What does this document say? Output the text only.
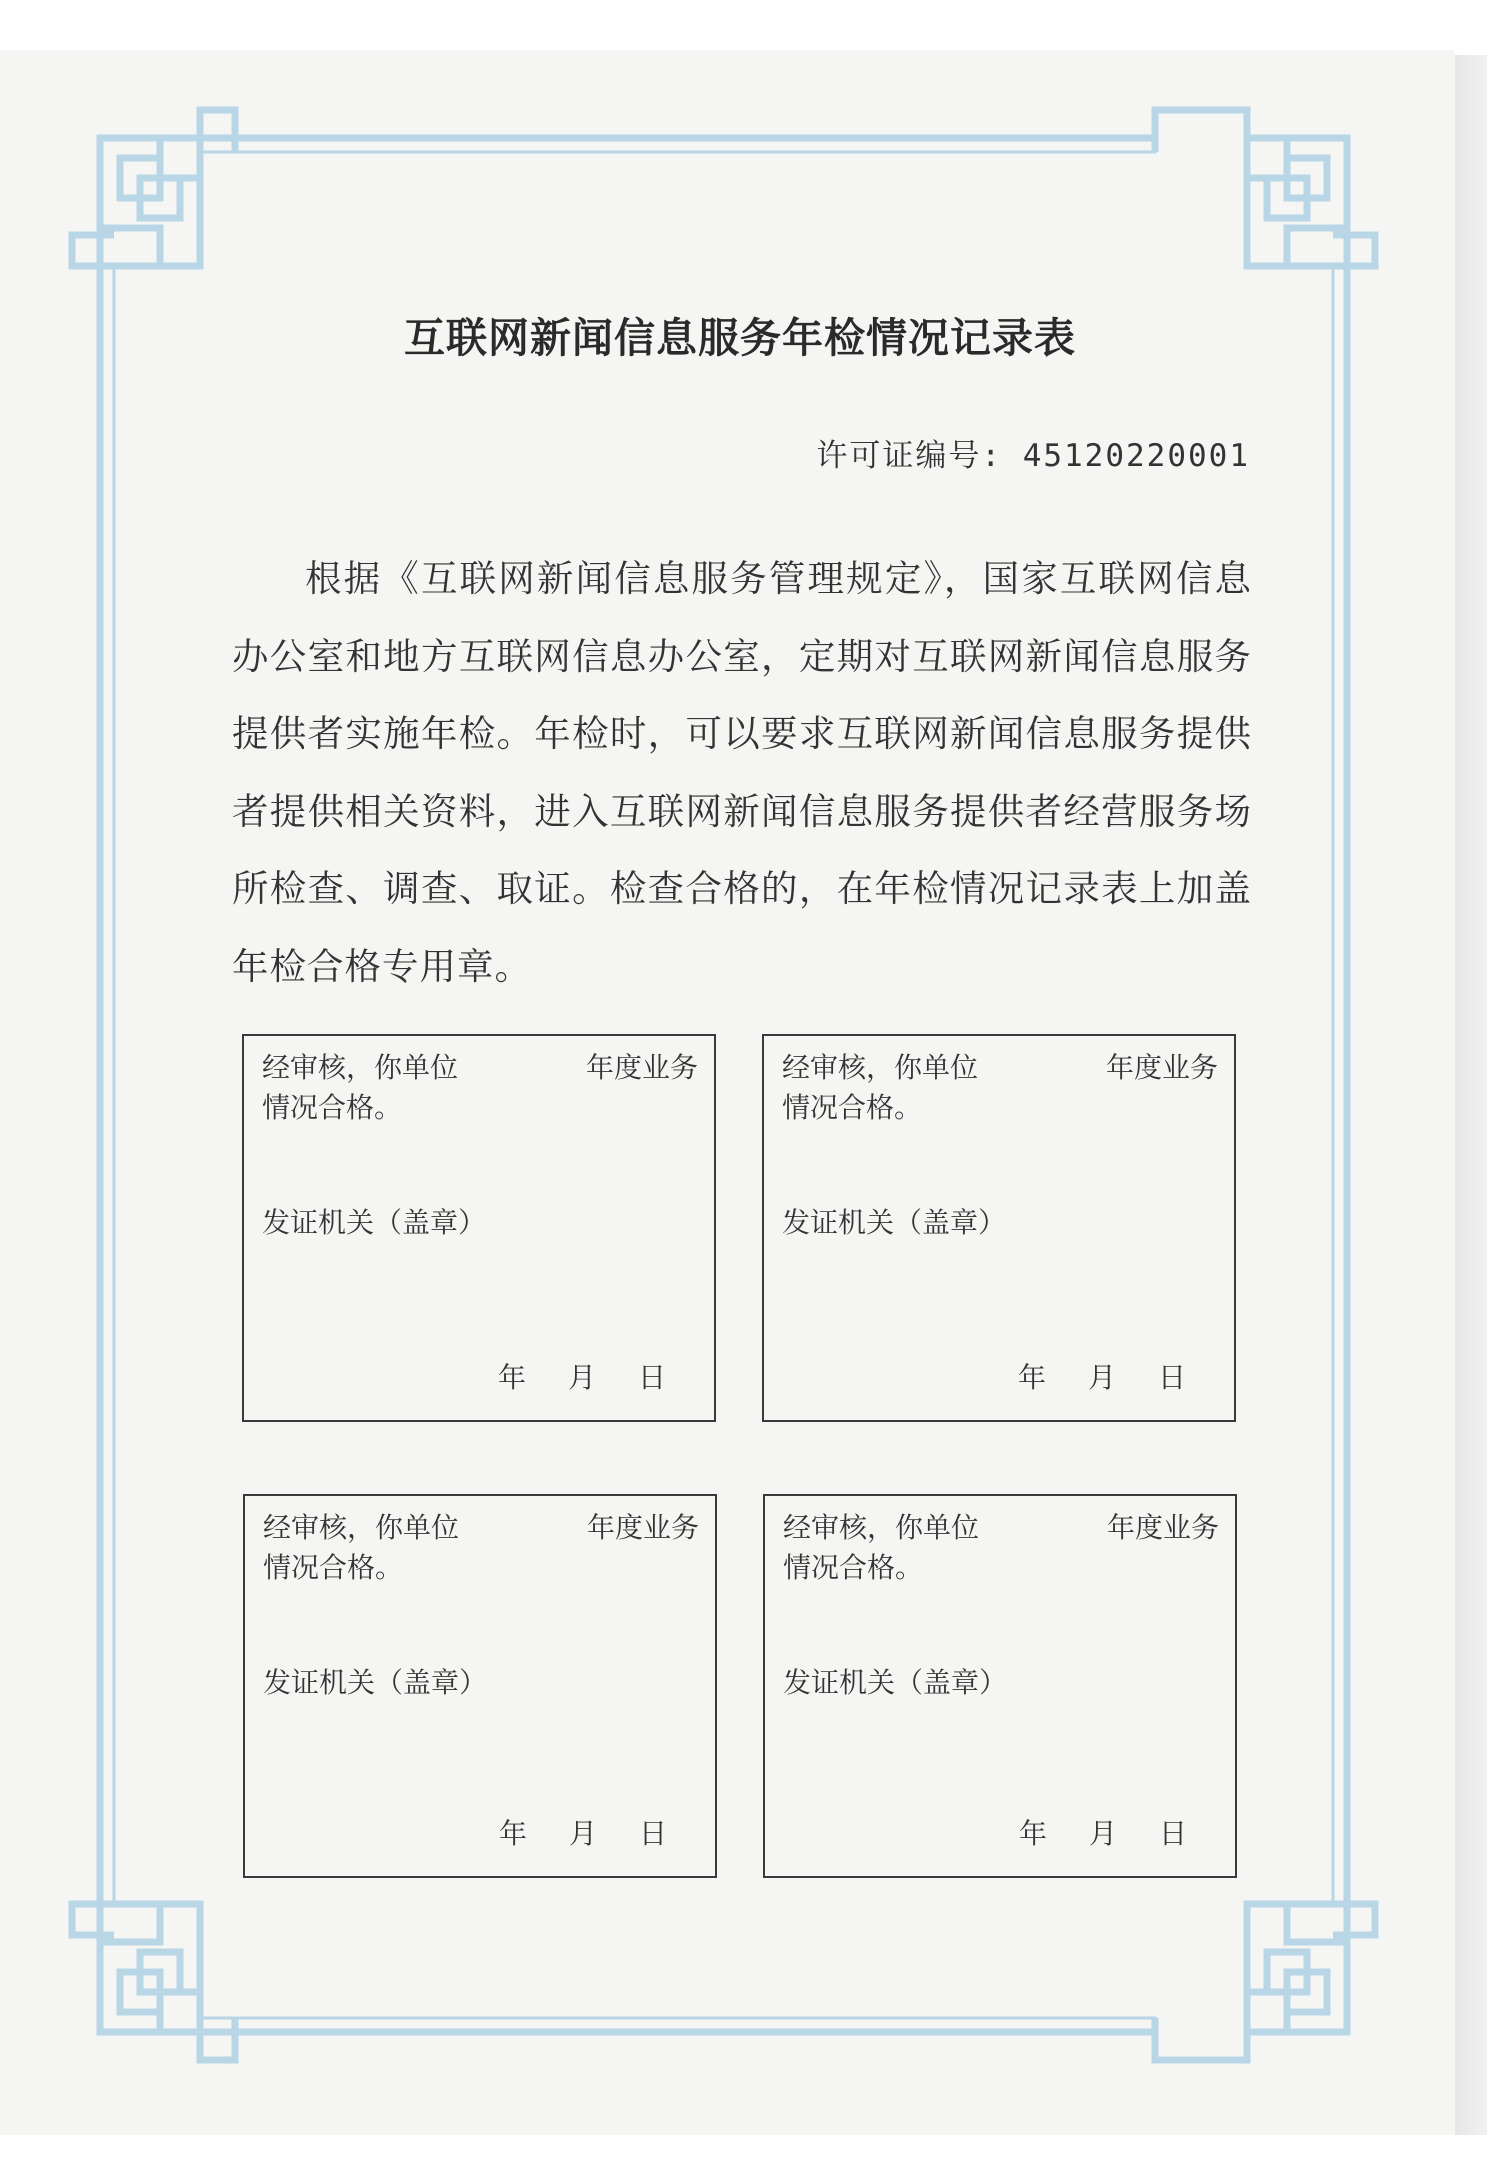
互联网新闻信息服务年检情况记录表
许可证编号: 45120220001

根据《互联网新闻信息服务管理规定》，国家互联网信息办公室和地方互联网信息办公室，定期对互联网新闻信息服务提供者实施年检。年检时，可以要求互联网新闻信息服务提供者提供相关资料，进入互联网新闻信息服务提供者经营服务场所检查、调查、取证。检查合格的，在年检情况记录表上加盖年检合格专用章。

经审核，你单位	年度业务
情况合格。
发证机关（盖章）
年 月 日
经审核，你单位	年度业务
情况合格。
发证机关（盖章）
年 月 日
经审核，你单位	年度业务
情况合格。
发证机关（盖章）
年 月 日
经审核，你单位	年度业务
情况合格。
发证机关（盖章）
年 月 日
